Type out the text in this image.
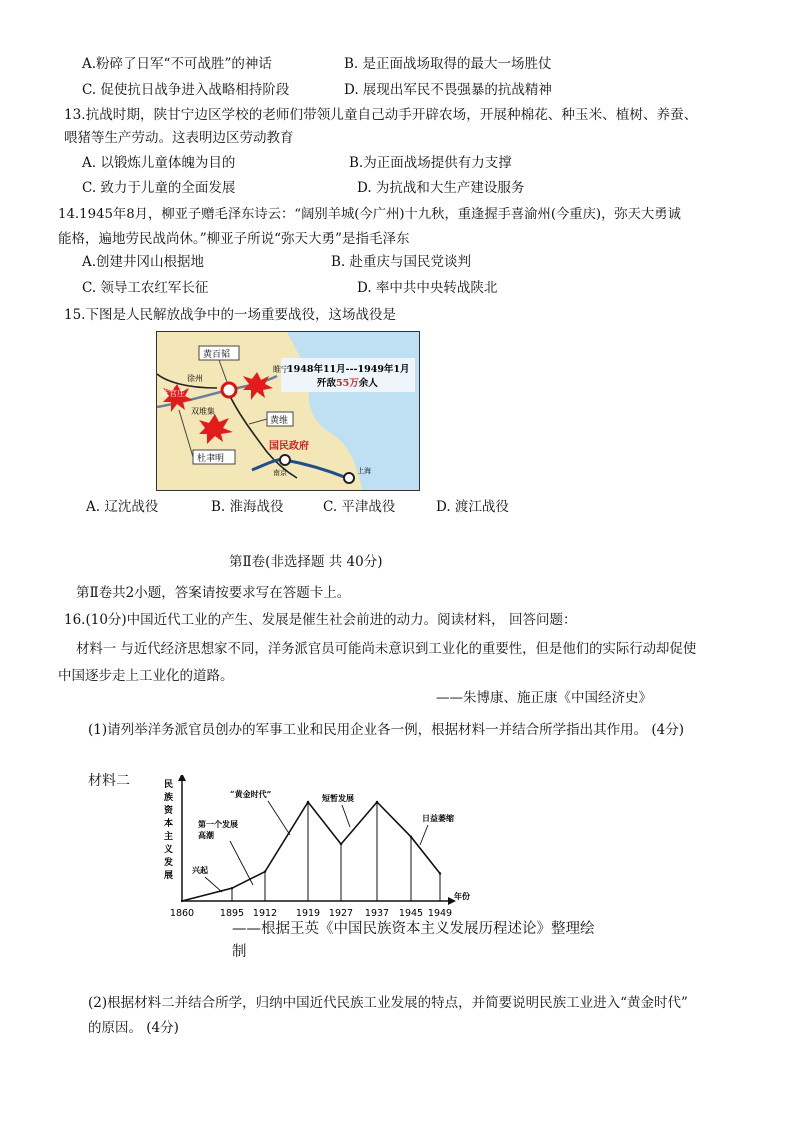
A.粉碎了日军“不可战胜”的神话	B. 是正面战场取得的最大一场胜仗
C. 促使抗日战争进入战略相持阶段	D. 展现出军民不畏强暴的抗战精神
13.抗战时期，陕甘宁边区学校的老师们带领儿童自己动手开辟农场，开展种棉花、种玉米、植树、养蚕、
喂猪等生产劳动。这表明边区劳动教育
A. 以锻炼儿童体魄为目的	B.为正面战场提供有力支撑
C. 致力于儿童的全面发展	D. 为抗战和大生产建设服务
14.1945年8月，柳亚子赠毛泽东诗云：“阔别羊城(今广州)十九秋，重逢握手喜渝州(今重庆)，弥天大勇诚
能格，遍地劳民战尚休。”柳亚子所说“弥天大勇”是指毛泽东
A.创建井冈山根据地	B. 赴重庆与国民党谈判
C. 领导工农红军长征	D. 率中共中央转战陕北
15.下图是人民解放战争中的一场重要战役，这场战役是
黄百韬
徐州
睢宁
陈官庄
双堆集
黄维
杜聿明
国民政府
南京	上海
1948年11月---1949年1月
歼敌55万余人
A. 辽沈战役	B. 淮海战役	C. 平津战役	D. 渡江战役
第Ⅱ卷(非选择题 共 40分)
第Ⅱ卷共2小题，答案请按要求写在答题卡上。
16.(10分)中国近代工业的产生、发展是催生社会前进的动力。阅读材料， 回答问题：
材料一 与近代经济思想家不同，洋务派官员可能尚未意识到工业化的重要性，但是他们的实际行动却促使
中国逐步走上工业化的道路。
——朱博康、施正康《中国经济史》
(1)请列举洋务派官员创办的军事工业和民用企业各一例，根据材料一并结合所学指出其作用。 (4分)
材料二	民
族
资
本
主
义
发
展
年份
1860	1895 1912 1919 1927 1937 1945 1949
兴起
第一个发展
高潮
“黄金时代”	短暂发展
日益萎缩
——根据王英《中国民族资本主义发展历程述论》整理绘
制
(2)根据材料二并结合所学，归纳中国近代民族工业发展的特点，并简要说明民族工业进入“黄金时代”
的原因。 (4分)
